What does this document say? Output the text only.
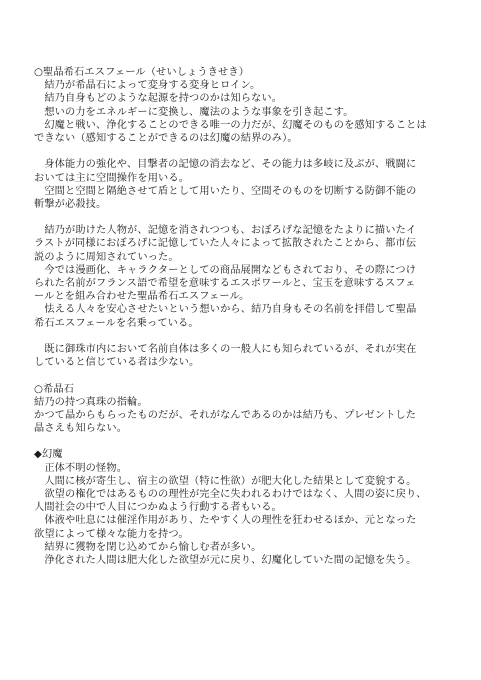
○聖晶希石エスフェール（せいしょうきせき）
　結乃が希晶石によって変身する変身ヒロイン。
　結乃自身もどのような起源を持つのかは知らない。
　想いの力をエネルギーに変換し、魔法のような事象を引き起こす。
　幻魔と戦い、浄化することのできる唯一の力だが、幻魔そのものを感知することは
できない（感知することができるのは幻魔の結界のみ）。
　身体能力の強化や、目撃者の記憶の消去など、その能力は多岐に及ぶが、戦闘に
おいては主に空間操作を用いる。
　空間と空間と隔絶させて盾として用いたり、空間そのものを切断する防御不能の
斬撃が必殺技。
　結乃が助けた人物が、記憶を消されつつも、おぼろげな記憶をたよりに描いたイ
ラストが同様におぼろげに記憶していた人々によって拡散されたことから、都市伝
説のように周知されていった。
　今では漫画化、キャラクターとしての商品展開などもされており、その際につけ
られた名前がフランス語で希望を意味するエスポワールと、宝玉を意味するスフェ
ールとを組み合わせた聖晶希石エスフェール。
　怯える人々を安心させたいという想いから、結乃自身もその名前を拝借して聖晶
希石エスフェールを名乗っている。
　既に御珠市内において名前自体は多くの一般人にも知られているが、それが実在
していると信じている者は少ない。
○希晶石
結乃の持つ真珠の指輪。
かつて晶からもらったものだが、それがなんであるのかは結乃も、プレゼントした
晶さえも知らない。
◆幻魔
　正体不明の怪物。
　人間に核が寄生し、宿主の欲望（特に性欲）が肥大化した結果として変貌する。
　欲望の権化ではあるものの理性が完全に失われるわけではなく、人間の姿に戻り、
人間社会の中で人目につかぬよう行動する者もいる。
　体液や吐息には催淫作用があり、たやすく人の理性を狂わせるほか、元となった
欲望によって様々な能力を持つ。
　結界に獲物を閉じ込めてから愉しむ者が多い。
　浄化された人間は肥大化した欲望が元に戻り、幻魔化していた間の記憶を失う。
